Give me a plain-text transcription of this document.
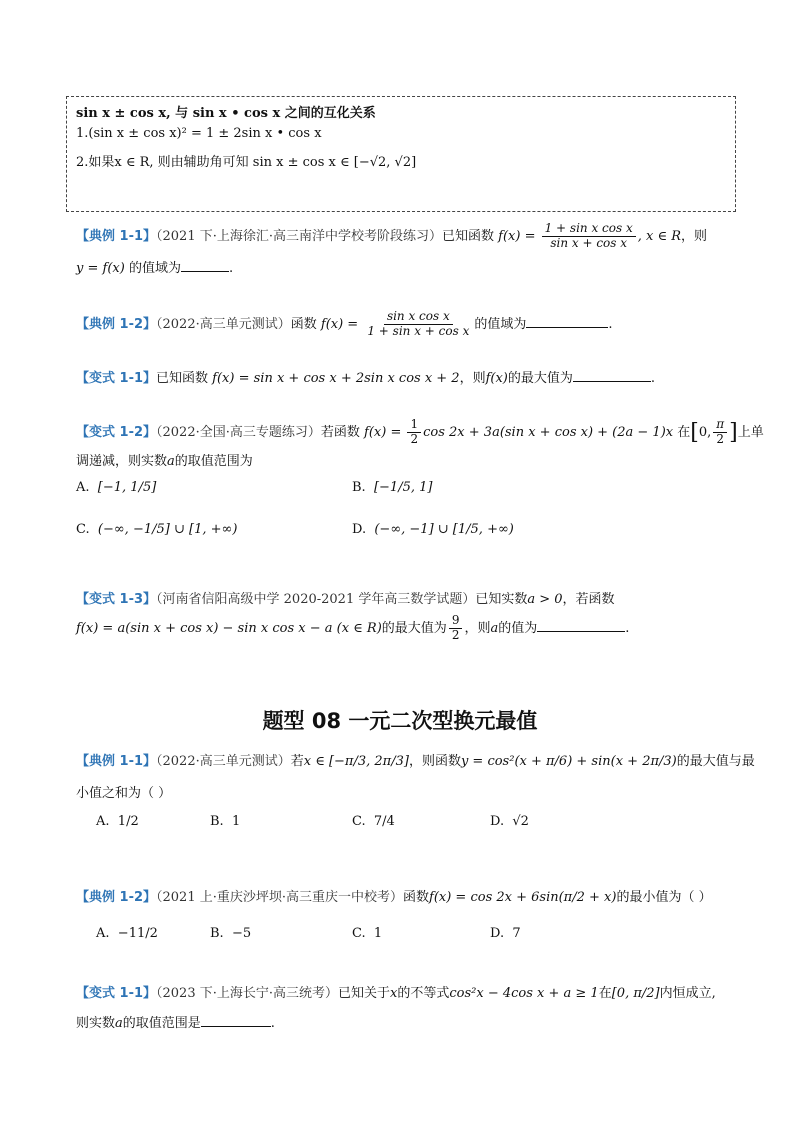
sin x ± cos x, 与 sin x • cos x 之间的互化关系
1.(sin x ± cos x)² = 1 ± 2sin x • cos x
2.如果x ∈ R, 则由辅助角可知 sin x ± cos x ∈ [−√2, √2]
【典例 1-1】（2021 下·上海徐汇·高三南洋中学校考阶段练习）已知函数 $f(x) = \frac{\text{1 + sin x cos x}}{\text{sin x + cos x}}$ , x ∈ R，则
y = f(x) 的值域为	.
【典例 1-2】（2022·高三单元测试）函数 $f(x) = \frac{\text{sin x cos x}}{\text{1 + sin x + cos x}}$ 的值域为	.
【变式 1-1】已知函数 f(x) = sin x + cos x + 2sin x cos x + 2，则f(x)的最大值为	.
【变式 1-2】（2022·全国·高三专题练习）若函数 $f(x) = \frac{1}{2}$ cos 2x + 3a(sin x + cos x) + (2a − 1)x 在[0, $\frac{\pi}{2}$ ]上单
调递减，则实数a的取值范围为
A. [−1, 1/5]	B. [−1/5, 1]
C. (−∞, −1/5] ∪ [1, +∞)	D. (−∞, −1] ∪ [1/5, +∞)
【变式 1-3】（河南省信阳高级中学 2020-2021 学年高三数学试题）已知实数a > 0，若函数
f(x) = a(sin x + cos x) − sin x cos x − a (x ∈ R)的最大值为 $\frac{9}{2}$ ，则a的值为	.
题型 08 一元二次型换元最值
【典例 1-1】（2022·高三单元测试）若x ∈ [−π/3, 2π/3]，则函数y = cos²(x + π/6) + sin(x + 2π/3)的最大值与最
小值之和为（ ）
A. 1/2	B. 1	C. 7/4	D. √2
【典例 1-2】（2021 上·重庆沙坪坝·高三重庆一中校考）函数f(x) = cos 2x + 6sin(π/2 + x)的最小值为（ ）
A. −11/2	B. −5	C. 1	D. 7
【变式 1-1】（2023 下·上海长宁·高三统考）已知关于x的不等式cos²x − 4cos x + a ≥ 1在[0, π/2]内恒成立,
则实数a的取值范围是	.
